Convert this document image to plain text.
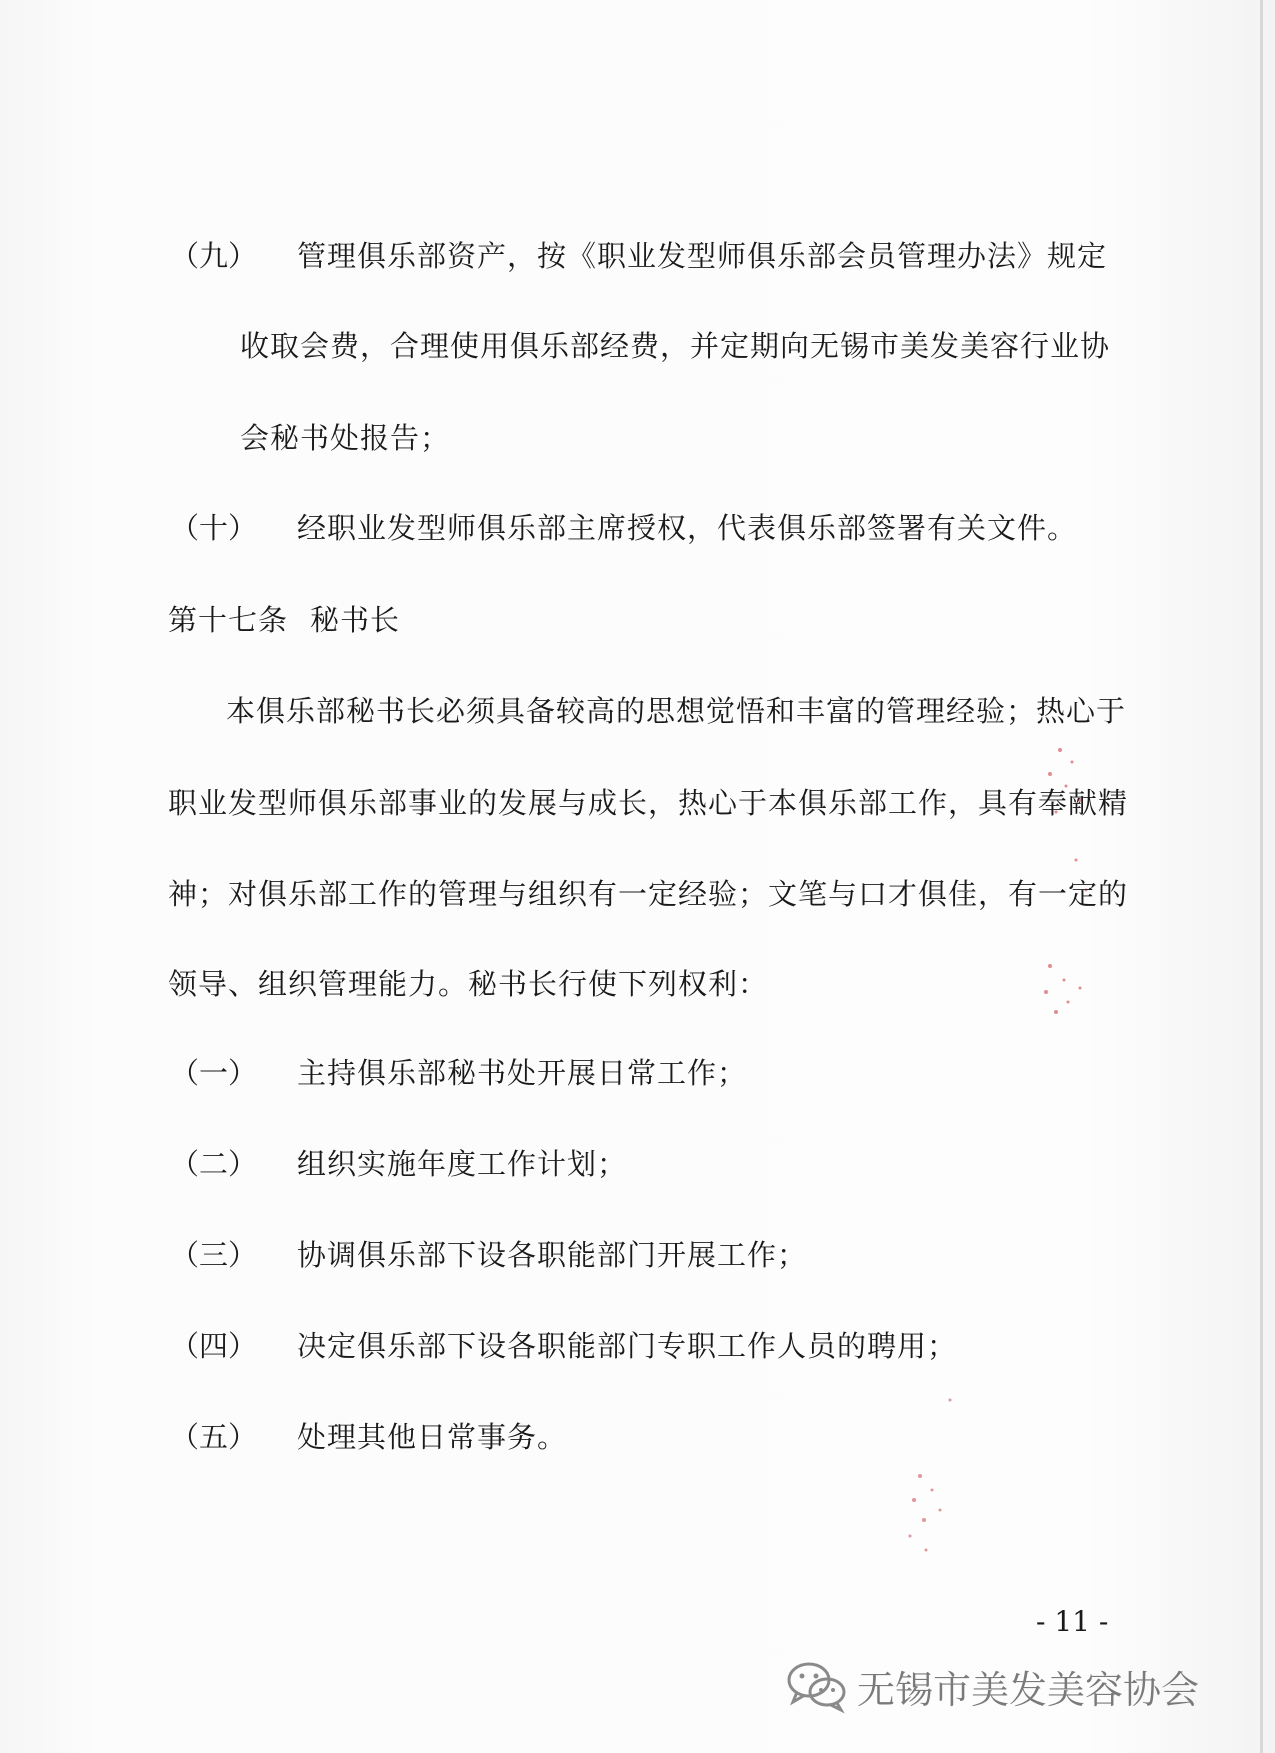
（九） 管理俱乐部资产，按《职业发型师俱乐部会员管理办法》规定
收取会费，合理使用俱乐部经费，并定期向无锡市美发美容行业协
会秘书处报告；
（十） 经职业发型师俱乐部主席授权，代表俱乐部签署有关文件。
第十七条 秘书长
本俱乐部秘书长必须具备较高的思想觉悟和丰富的管理经验；热心于
职业发型师俱乐部事业的发展与成长，热心于本俱乐部工作，具有奉献精
神；对俱乐部工作的管理与组织有一定经验；文笔与口才俱佳，有一定的
领导、组织管理能力。秘书长行使下列权利：
（一） 主持俱乐部秘书处开展日常工作；
（二） 组织实施年度工作计划；
（三） 协调俱乐部下设各职能部门开展工作；
（四） 决定俱乐部下设各职能部门专职工作人员的聘用；
（五） 处理其他日常事务。
- 11 -
无锡市美发美容协会
